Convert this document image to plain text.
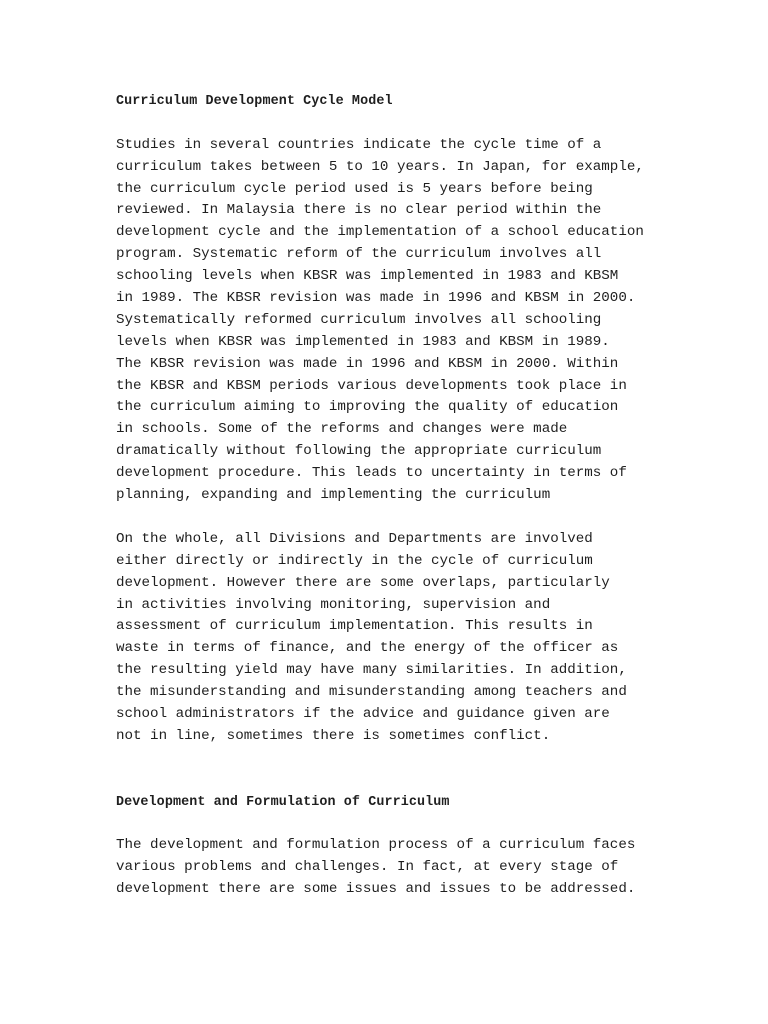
Curriculum Development Cycle Model

Studies in several countries indicate the cycle time of a
curriculum takes between 5 to 10 years. In Japan, for example,
the curriculum cycle period used is 5 years before being
reviewed. In Malaysia there is no clear period within the
development cycle and the implementation of a school education
program. Systematic reform of the curriculum involves all
schooling levels when KBSR was implemented in 1983 and KBSM
in 1989. The KBSR revision was made in 1996 and KBSM in 2000.
Systematically reformed curriculum involves all schooling
levels when KBSR was implemented in 1983 and KBSM in 1989.
The KBSR revision was made in 1996 and KBSM in 2000. Within
the KBSR and KBSM periods various developments took place in
the curriculum aiming to improving the quality of education
in schools. Some of the reforms and changes were made
dramatically without following the appropriate curriculum
development procedure. This leads to uncertainty in terms of
planning, expanding and implementing the curriculum

On the whole, all Divisions and Departments are involved
either directly or indirectly in the cycle of curriculum
development. However there are some overlaps, particularly
in activities involving monitoring, supervision and
assessment of curriculum implementation. This results in
waste in terms of finance, and the energy of the officer as
the resulting yield may have many similarities. In addition,
the misunderstanding and misunderstanding among teachers and
school administrators if the advice and guidance given are
not in line, sometimes there is sometimes conflict.

Development and Formulation of Curriculum

The development and formulation process of a curriculum faces
various problems and challenges. In fact, at every stage of
development there are some issues and issues to be addressed.
